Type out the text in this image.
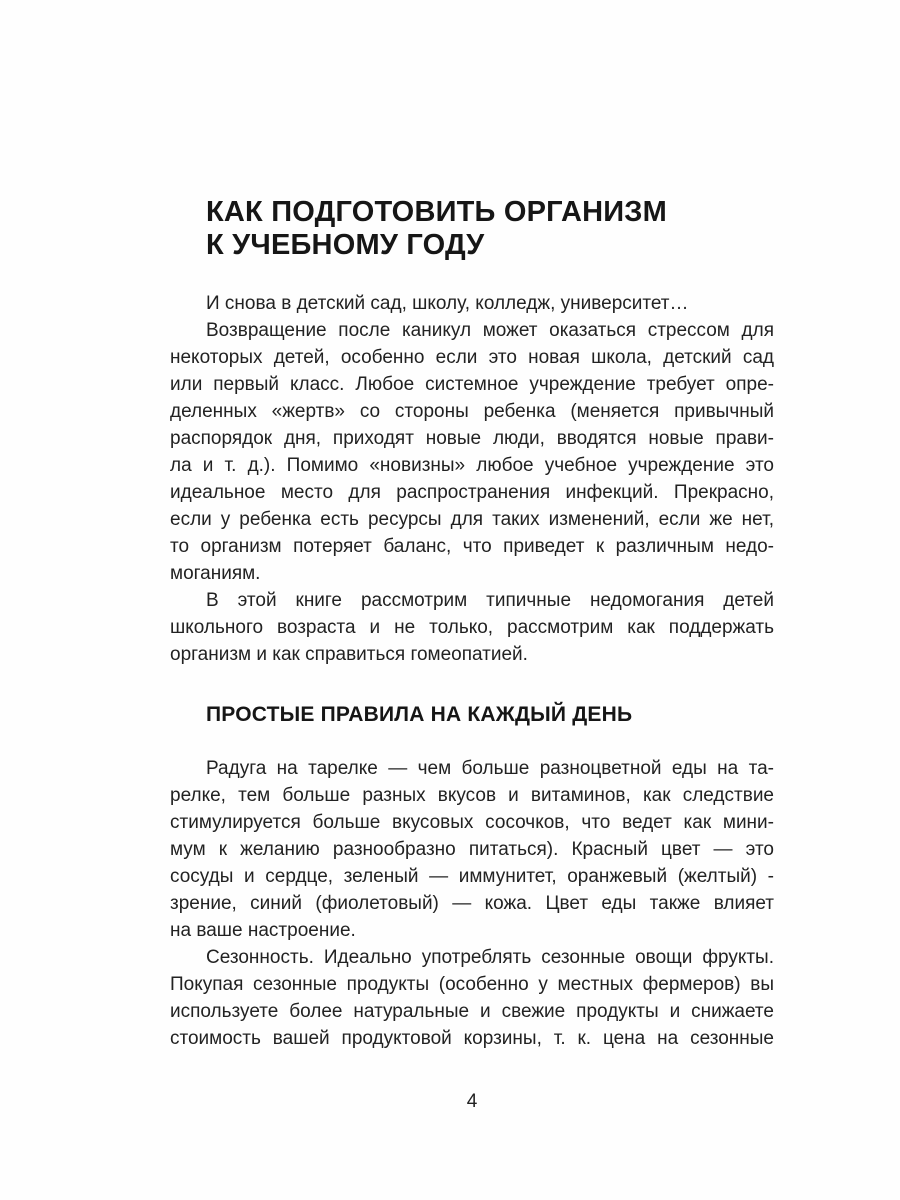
КАК ПОДГОТОВИТЬ ОРГАНИЗМ
К УЧЕБНОМУ ГОДУ
И снова в детский сад, школу, колледж, университет…
Возвращение после каникул может оказаться стрессом для
некоторых детей, особенно если это новая школа, детский сад
или первый класс. Любое системное учреждение требует опре-
деленных «жертв» со стороны ребенка (меняется привычный
распорядок дня, приходят новые люди, вводятся новые прави-
ла и т. д.). Помимо «новизны» любое учебное учреждение это
идеальное место для распространения инфекций. Прекрасно,
если у ребенка есть ресурсы для таких изменений, если же нет,
то организм потеряет баланс, что приведет к различным недо-
моганиям.
В этой книге рассмотрим типичные недомогания детей
школьного возраста и не только, рассмотрим как поддержать
организм и как справиться гомеопатией.
ПРОСТЫЕ ПРАВИЛА НА КАЖДЫЙ ДЕНЬ
Радуга на тарелке — чем больше разноцветной еды на та-
релке, тем больше разных вкусов и витаминов, как следствие
стимулируется больше вкусовых сосочков, что ведет как мини-
мум к желанию разнообразно питаться). Красный цвет — это
сосуды и сердце, зеленый — иммунитет, оранжевый (желтый) -
зрение, синий (фиолетовый) — кожа. Цвет еды также влияет
на ваше настроение.
Сезонность. Идеально употреблять сезонные овощи фрукты.
Покупая сезонные продукты (особенно у местных фермеров) вы
используете более натуральные и свежие продукты и снижаете
стоимость вашей продуктовой корзины, т. к. цена на сезонные
4
